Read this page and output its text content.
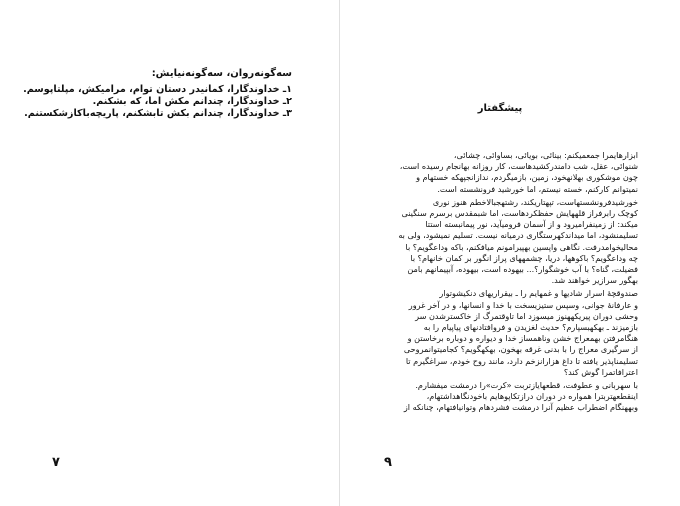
سەگونەروان، سەگونەنیایش:
۱ـ خداوندگارا، کمانیدر دستان توام، مرامیکش، مپلتاپوسم.
۲ـ خداوندگارا، چندانم مکش اما، که بشکنم.
۳ـ خداوندگارا، چندانم بکش تابشکنم، پاریچەباکازشکستنم.
۷
پیشگفتار

ابزارهایمرا جمعمیکنم: بینائی، بویائی، بساوائی، چشائی،
شنوائی، عقل، شب دامندرکشیدهاست، کار روزانه بهانجام رسیده است،
چون موشکوری بهلانهخود، زمین، بازمیگردم، ندازانجپهکه خستهام و
نمیتوانم کارکنم، خسته نیستم، اما خورشید فرونشسته است.

خورشیدفرونشستهاست، تپهتاریکند، رشتهجبالاخطم هنوز نوری
کوچک رابرفراز قلههایش حفظکردهاست، اما شبمقدس برسرم سنگینی
میکند: از زمینفرامیرود و از آسمان فرومیآید، نور پیمانبسته استتا
تسلیمنشود، اما میداندکهرستگاری درمیانه نیست. تسلیم نمیشود، ولی به
محالیخوامدرفت. نگاهی واپسین بهپیرامونم میافکنم، باکه وداعگویم؟ با
چه وداعگویم؟ باکوهها، دریا، چشمههای پراز انگور بر کمان خانهام؟ با
فضیلت، گناه؟ با آب خوشگوار؟... بیهوده است، بیهوده، آبپیمانهم بامن
بهگور سرازیر خواهند شد.

صندوقچهٔ اسرار شادیها و غمهایم را ـ بیقراریهای دنکیشوتوار
و عارفانهٔ جوانی، وسپس ستیزیسخت با خدا و انسانها، و در آخر غرور
وحشی دوران پیریکههنوز میسوزد اما تاوقتمرگ از خاکسترشدن سر
بازمیزند ـ بهکهبسپارم؟ حدیث لغزیدن و فروافتادنهای پیاپیام را به
هنگامرفتن بهمعراج خشن وناهمساز خدا و دیواره و دوباره برخاستن و
از سرگیری معراج را با بدنی غرقه بهخون، بهکهگویم؟ کجامیتوانمروحی
تسلیمناپذیر یافته تا داغ هزارانزخم دارد، مانند روح خودم، سراغگیرم تا
اعترافاتمرا گوش کند؟

با سهربانی و عطوفت، قطعهایازتربت «کرت»را درمشت میفشارم.
اینقطعهتربترا همواره در دوران درازتکاپوهایم باخودنگاهداشتهام،
وبههنگام اضطراب عظیم آنرا درمشت فشردهام وتوانیافتهام، چنانکه از

۹
